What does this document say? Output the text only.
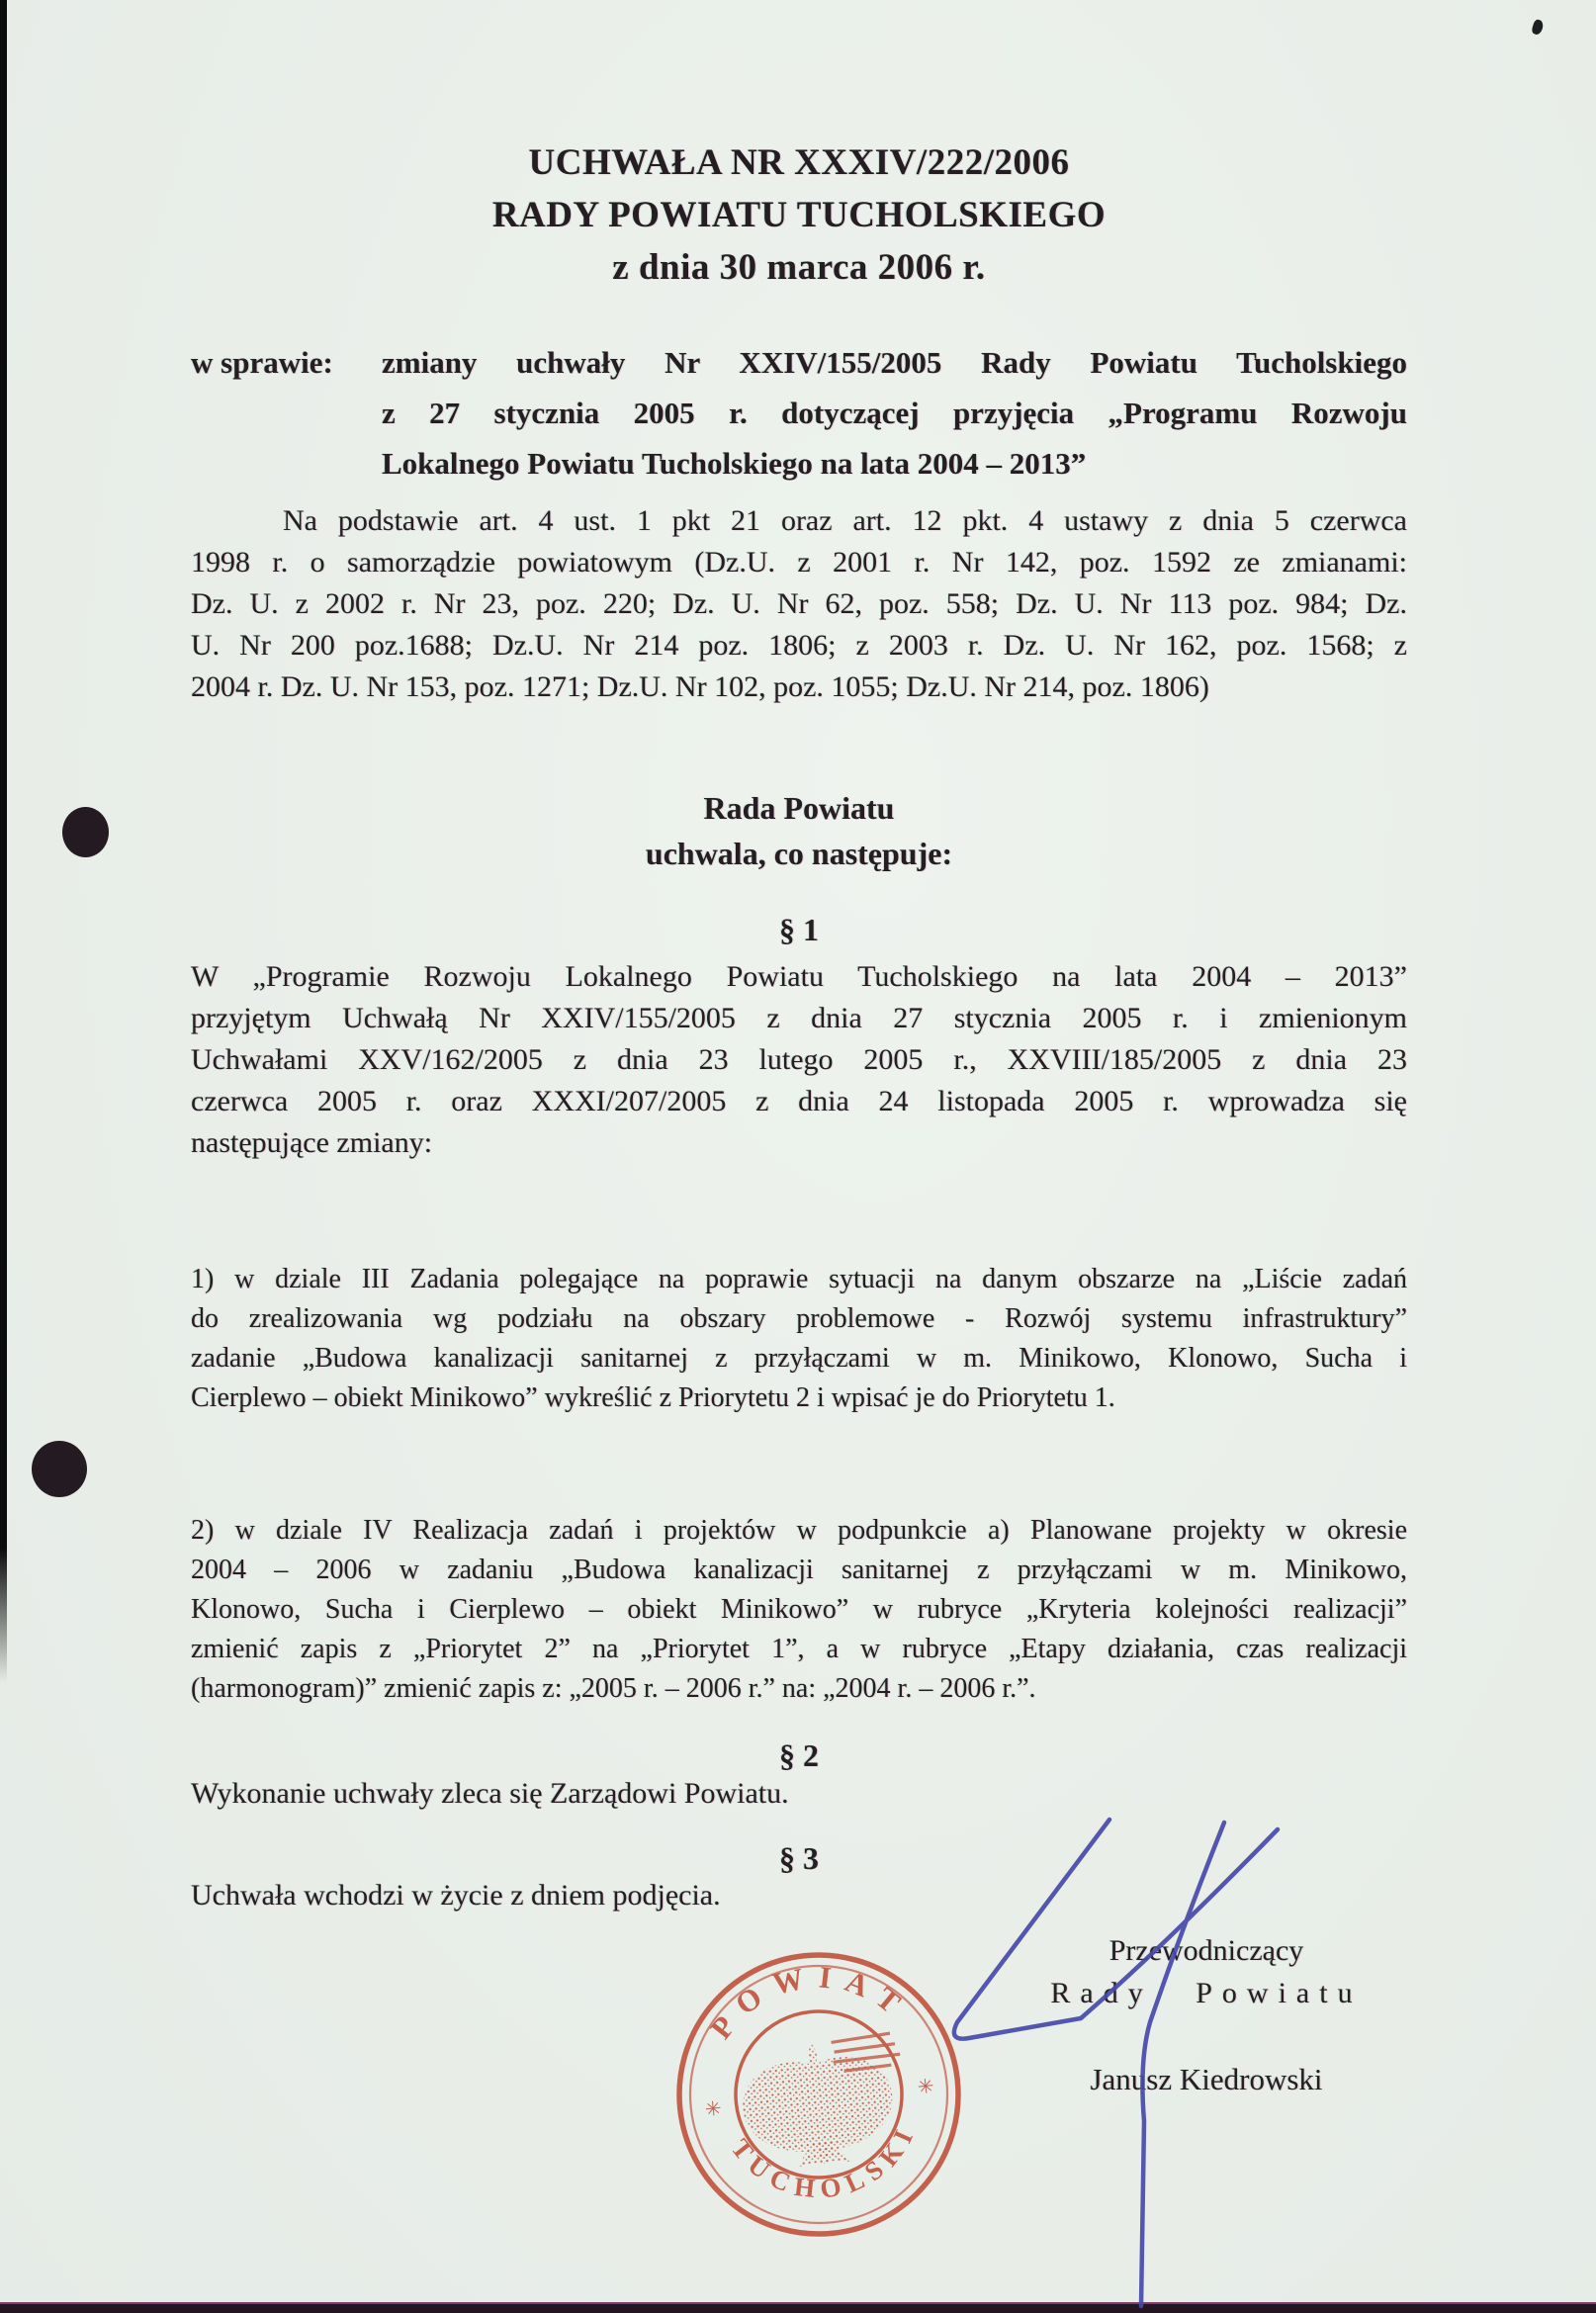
UCHWAŁA NR XXXIV/222/2006
RADY POWIATU TUCHOLSKIEGO
z dnia 30 marca 2006 r.
w sprawie:	zmiany uchwały Nr XXIV/155/2005 Rady Powiatu Tucholskiego
z 27 stycznia 2005 r. dotyczącej przyjęcia „Programu Rozwoju
Lokalnego Powiatu Tucholskiego na lata 2004 – 2013”
Na podstawie art. 4 ust. 1 pkt 21 oraz art. 12 pkt. 4 ustawy z dnia 5 czerwca
1998 r. o samorządzie powiatowym (Dz.U. z 2001 r. Nr 142, poz. 1592 ze zmianami:
Dz. U. z 2002 r. Nr 23, poz. 220; Dz. U. Nr 62, poz. 558; Dz. U. Nr 113 poz. 984; Dz.
U. Nr 200 poz.1688; Dz.U. Nr 214 poz. 1806; z 2003 r. Dz. U. Nr 162, poz. 1568; z
2004 r. Dz. U. Nr 153, poz. 1271; Dz.U. Nr 102, poz. 1055; Dz.U. Nr 214, poz. 1806)
Rada Powiatu
uchwala, co następuje:
§ 1
W „Programie Rozwoju Lokalnego Powiatu Tucholskiego na lata 2004 – 2013”
przyjętym Uchwałą Nr XXIV/155/2005 z dnia 27 stycznia 2005 r. i zmienionym
Uchwałami XXV/162/2005 z dnia 23 lutego 2005 r., XXVIII/185/2005 z dnia 23
czerwca 2005 r. oraz XXXI/207/2005 z dnia 24 listopada 2005 r. wprowadza się
następujące zmiany:
1) w dziale III Zadania polegające na poprawie sytuacji na danym obszarze na „Liście zadań
do zrealizowania wg podziału na obszary problemowe - Rozwój systemu infrastruktury”
zadanie „Budowa kanalizacji sanitarnej z przyłączami w m. Minikowo, Klonowo, Sucha i
Cierplewo – obiekt Minikowo” wykreślić z Priorytetu 2 i wpisać je do Priorytetu 1.
2) w dziale IV Realizacja zadań i projektów w podpunkcie a) Planowane projekty w okresie
2004 – 2006 w zadaniu „Budowa kanalizacji sanitarnej z przyłączami w m. Minikowo,
Klonowo, Sucha i Cierplewo – obiekt Minikowo” w rubryce „Kryteria kolejności realizacji”
zmienić zapis z „Priorytet 2” na „Priorytet 1”, a w rubryce „Etapy działania, czas realizacji
(harmonogram)” zmienić zapis z: „2005 r. – 2006 r.” na: „2004 r. – 2006 r.”.
§ 2
Wykonanie uchwały zleca się Zarządowi Powiatu.
§ 3
Uchwała wchodzi w życie z dniem podjęcia.
Przewodniczący
Rady Powiatu
Janusz Kiedrowski
POWIAT
TUCHOLSKI
✳
✳
